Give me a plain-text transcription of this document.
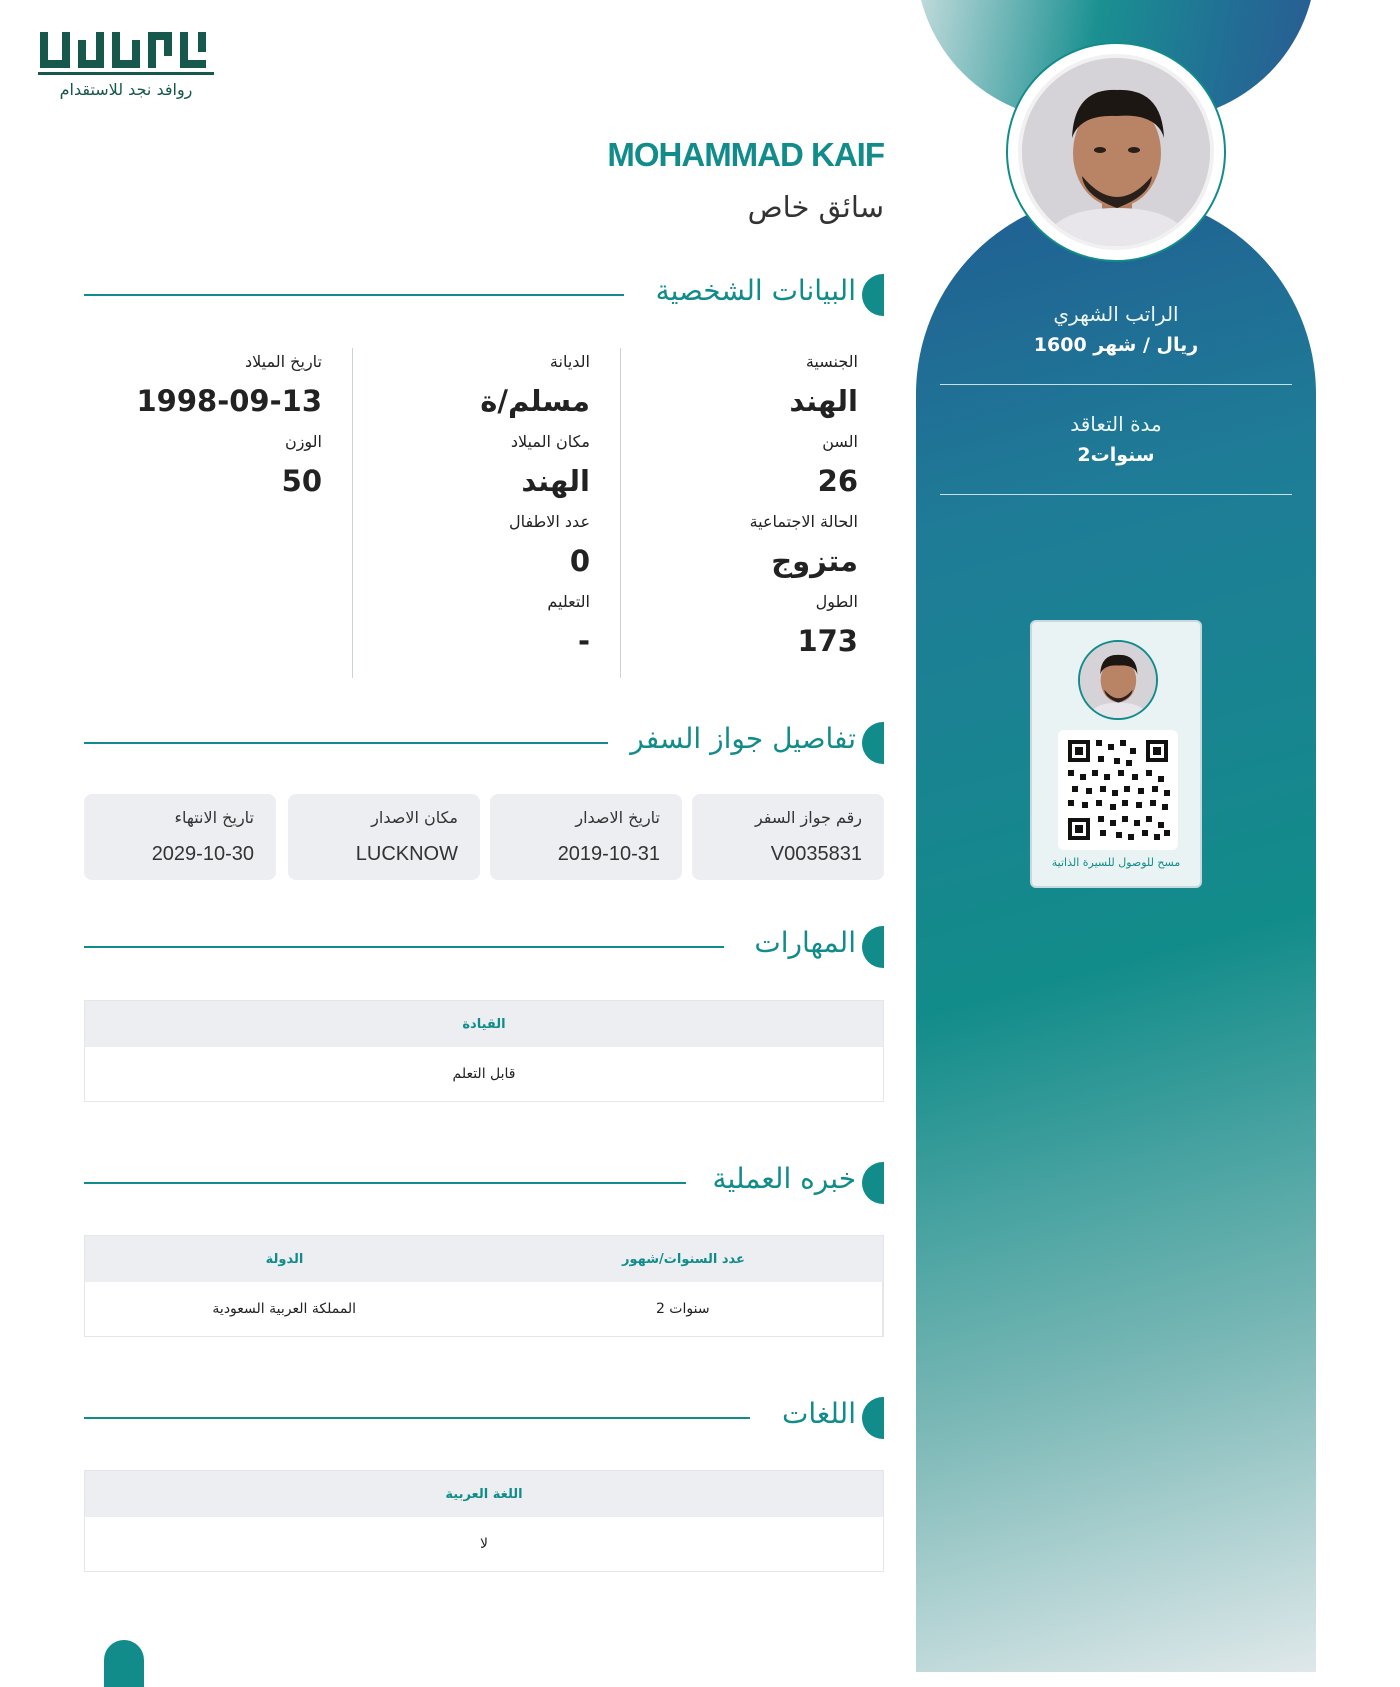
الراتب الشهري
1600 ريال / شهر
مدة التعاقد
2سنوات
مسح للوصول للسيرة الذاتية
روافد نجد للاستقدام
MOHAMMAD KAIF
سائق خاص
البيانات الشخصية
الجنسية
الهند
السن
26
الحالة الاجتماعية
متزوج
الطول
173
الديانة
مسلم/ة
مكان الميلاد
الهند
عدد الاطفال
0
التعليم
-
تاريخ الميلاد
1998-09-13
الوزن
50
تفاصيل جواز السفر
رقم جواز السفر
V0035831
تاريخ الاصدار
2019-10-31
مكان الاصدار
LUCKNOW
تاريخ الانتهاء
2029-10-30
المهارات
القيادة
قابل التعلم
خبره العملية
الدولة	عدد السنوات/شهور
المملكة العربية السعودية	2 سنوات
اللغات
اللغة العربية
لا
